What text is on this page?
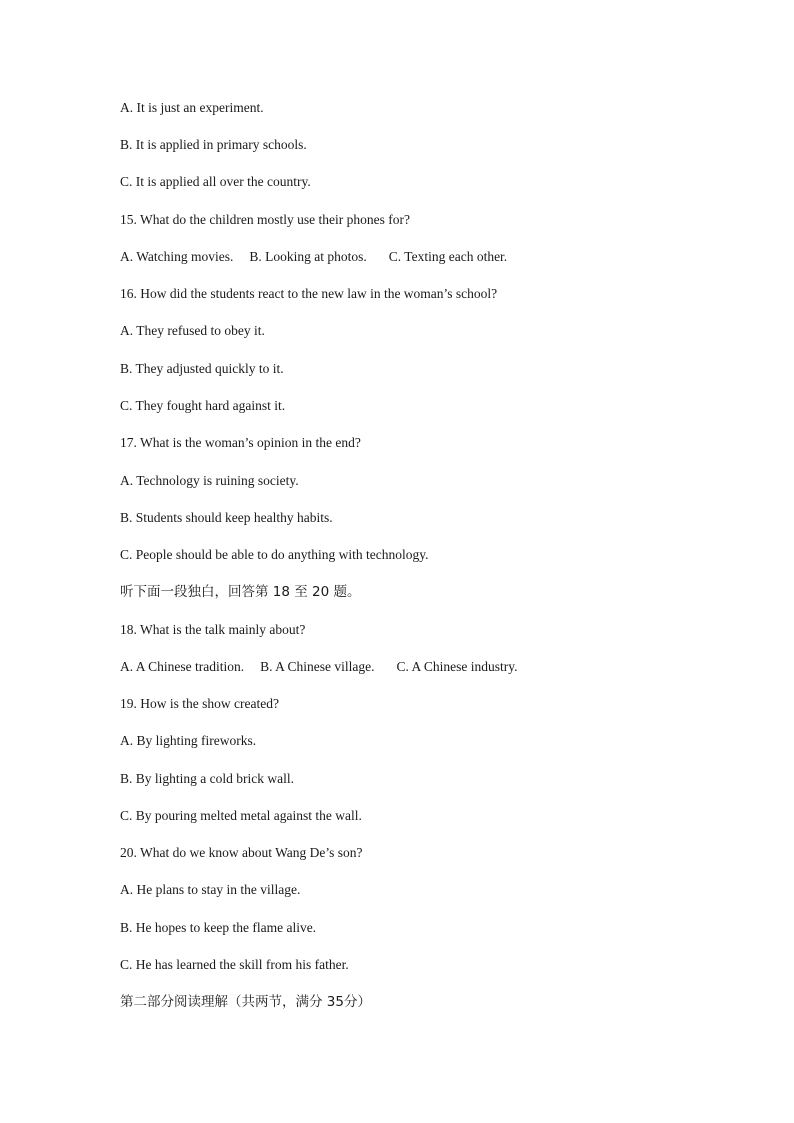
A. It is just an experiment.
B. It is applied in primary schools.
C. It is applied all over the country.
15. What do the children mostly use their phones for?
A. Watching movies. B. Looking at photos. C. Texting each other.
16. How did the students react to the new law in the woman’s school?
A. They refused to obey it.
B. They adjusted quickly to it.
C. They fought hard against it.
17. What is the woman’s opinion in the end?
A. Technology is ruining society.
B. Students should keep healthy habits.
C. People should be able to do anything with technology.
听下面一段独白，回答第 18 至 20 题。
18. What is the talk mainly about?
A. A Chinese tradition. B. A Chinese village. C. A Chinese industry.
19. How is the show created?
A. By lighting fireworks.
B. By lighting a cold brick wall.
C. By pouring melted metal against the wall.
20. What do we know about Wang De’s son?
A. He plans to stay in the village.
B. He hopes to keep the flame alive.
C. He has learned the skill from his father.
第二部分阅读理解（共两节，满分 35分）
